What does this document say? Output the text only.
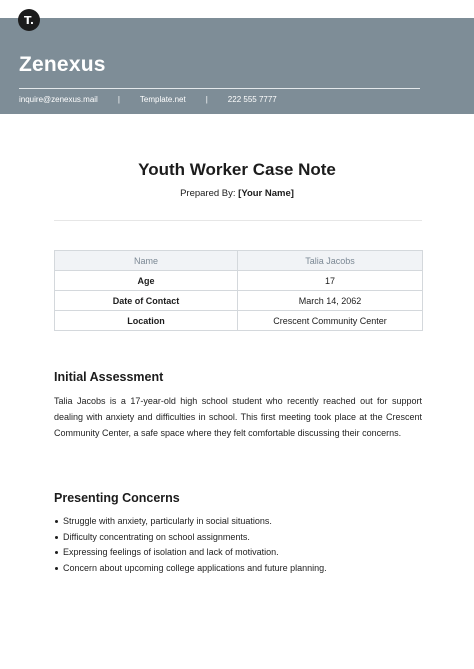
T.
Zenexus
inquire@zenexus.mail	|	Template.net	|	222 555 7777
Youth Worker Case Note
Prepared By: [Your Name]
Name	Talia Jacobs
Age	17
Date of Contact	March 14, 2062
Location	Crescent Community Center
Initial Assessment
Talia Jacobs is a 17-year-old high school student who recently reached out for support dealing with anxiety and difficulties in school. This first meeting took place at the Crescent Community Center, a safe space where they felt comfortable discussing their concerns.
Presenting Concerns
Struggle with anxiety, particularly in social situations.
Difficulty concentrating on school assignments.
Expressing feelings of isolation and lack of motivation.
Concern about upcoming college applications and future planning.
